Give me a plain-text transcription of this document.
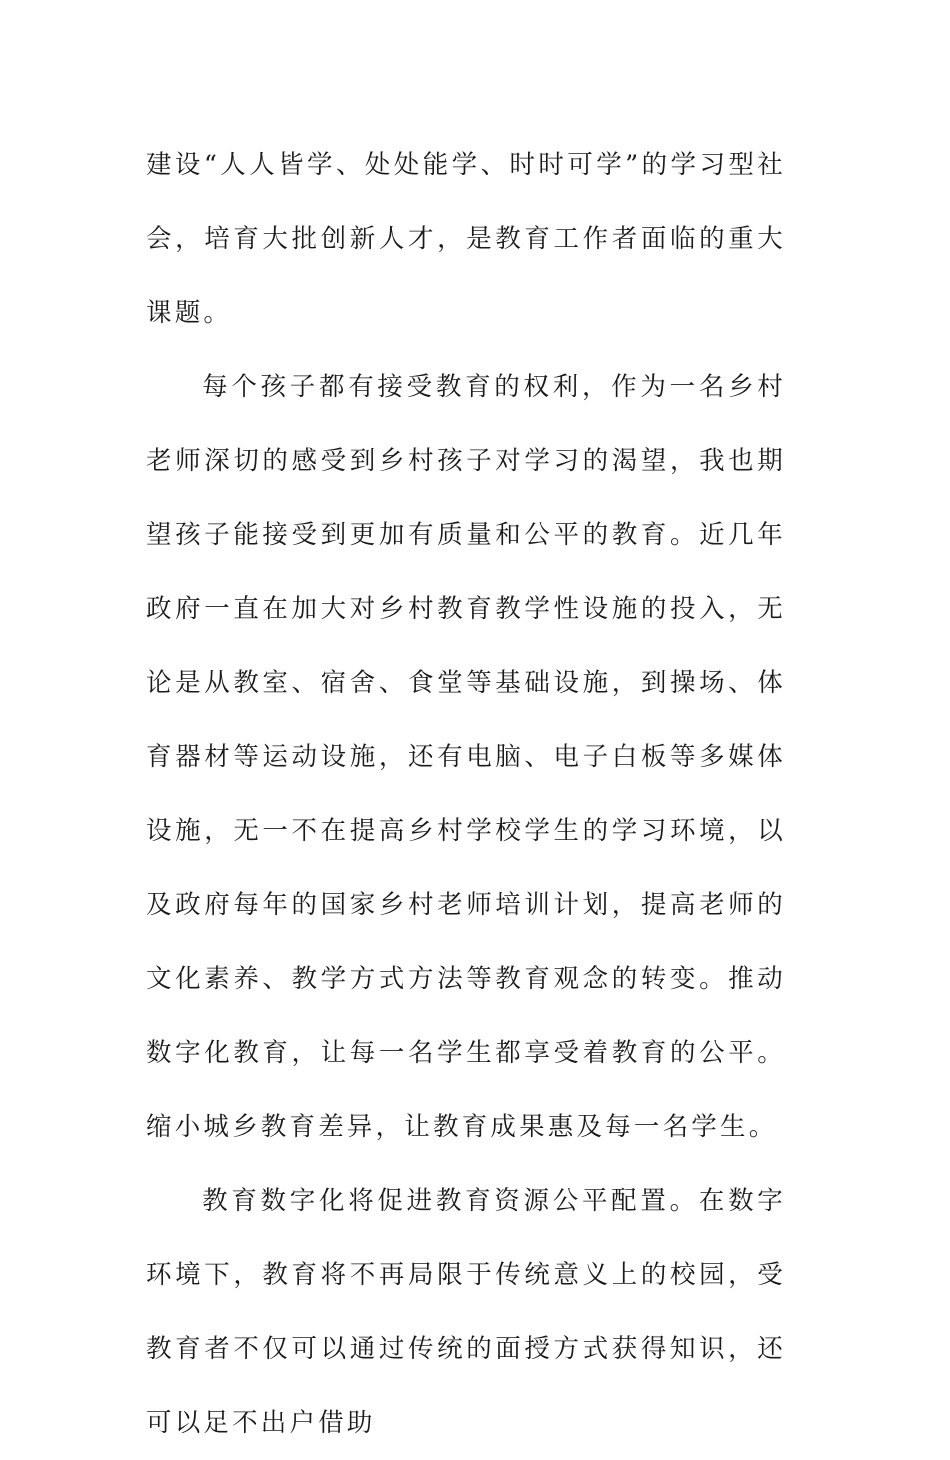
建设“人人皆学、处处能学、时时可学”的学习型社会，培育大批创新人才，是教育工作者面临的重大课题。

每个孩子都有接受教育的权利，作为一名乡村老师深切的感受到乡村孩子对学习的渴望，我也期望孩子能接受到更加有质量和公平的教育。近几年政府一直在加大对乡村教育教学性设施的投入，无论是从教室、宿舍、食堂等基础设施，到操场、体育器材等运动设施，还有电脑、电子白板等多媒体设施，无一不在提高乡村学校学生的学习环境，以及政府每年的国家乡村老师培训计划，提高老师的文化素养、教学方式方法等教育观念的转变。推动数字化教育，让每一名学生都享受着教育的公平。缩小城乡教育差异，让教育成果惠及每一名学生。

教育数字化将促进教育资源公平配置。在数字环境下，教育将不再局限于传统意义上的校园，受教育者不仅可以通过传统的面授方式获得知识，还可以足不出户借助
